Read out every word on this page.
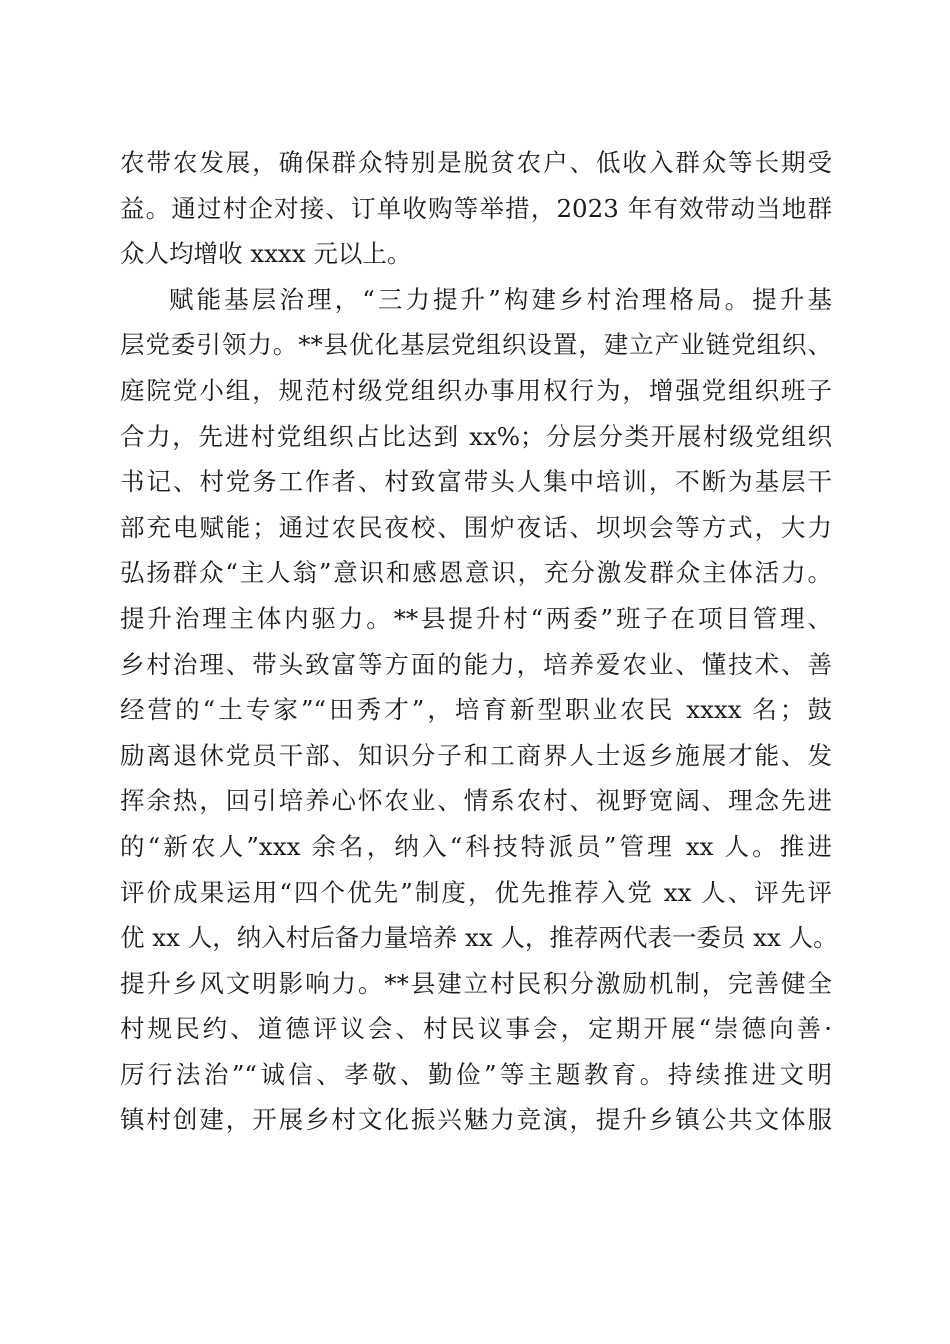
农带农发展，确保群众特别是脱贫农户、低收入群众等长期受
益。通过村企对接、订单收购等举措，2023 年有效带动当地群
众人均增收 xxxx 元以上。
赋能基层治理，“三力提升”构建乡村治理格局。提升基
层党委引领力。**县优化基层党组织设置，建立产业链党组织、
庭院党小组，规范村级党组织办事用权行为，增强党组织班子
合力，先进村党组织占比达到 xx%；分层分类开展村级党组织
书记、村党务工作者、村致富带头人集中培训，不断为基层干
部充电赋能；通过农民夜校、围炉夜话、坝坝会等方式，大力
弘扬群众“主人翁”意识和感恩意识，充分激发群众主体活力。
提升治理主体内驱力。**县提升村“两委”班子在项目管理、
乡村治理、带头致富等方面的能力，培养爱农业、懂技术、善
经营的“土专家”“田秀才”，培育新型职业农民 xxxx 名；鼓
励离退休党员干部、知识分子和工商界人士返乡施展才能、发
挥余热，回引培养心怀农业、情系农村、视野宽阔、理念先进
的“新农人”xxx 余名，纳入“科技特派员”管理 xx 人。推进
评价成果运用“四个优先”制度，优先推荐入党 xx 人、评先评
优 xx 人，纳入村后备力量培养 xx 人，推荐两代表一委员 xx 人。
提升乡风文明影响力。**县建立村民积分激励机制，完善健全
村规民约、道德评议会、村民议事会，定期开展“崇德向善·
厉行法治”“诚信、孝敬、勤俭”等主题教育。持续推进文明
镇村创建，开展乡村文化振兴魅力竞演，提升乡镇公共文体服
